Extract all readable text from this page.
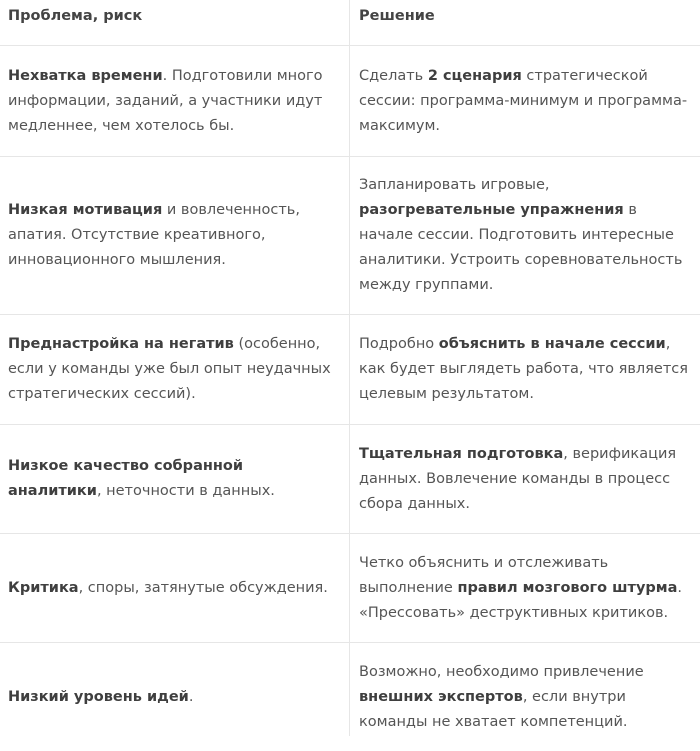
Проблема, риск	Решение
Нехватка времени. Подготовили много информации, заданий, а участники идут медленнее, чем хотелось бы.
Сделать 2 сценария стратегической сессии: программа-минимум и программа-максимум.
Низкая мотивация и вовлеченность, апатия. Отсутствие креативного, инновационного мышления.
Запланировать игровые, разогревательные упражнения в начале сессии. Подготовить интересные аналитики. Устроить соревновательность между группами.
Преднастройка на негатив (особенно, если у команды уже был опыт неудачных стратегических сессий).
Подробно объяснить в начале сессии, как будет выглядеть работа, что является целевым результатом.
Низкое качество собранной аналитики, неточности в данных.
Тщательная подготовка, верификация данных. Вовлечение команды в процесс сбора данных.
Критика, споры, затянутые обсуждения.
Четко объяснить и отслеживать выполнение правил мозгового штурма. «Прессовать» деструктивных критиков.
Низкий уровень идей.
Возможно, необходимо привлечение внешних экспертов, если внутри команды не хватает компетенций.
